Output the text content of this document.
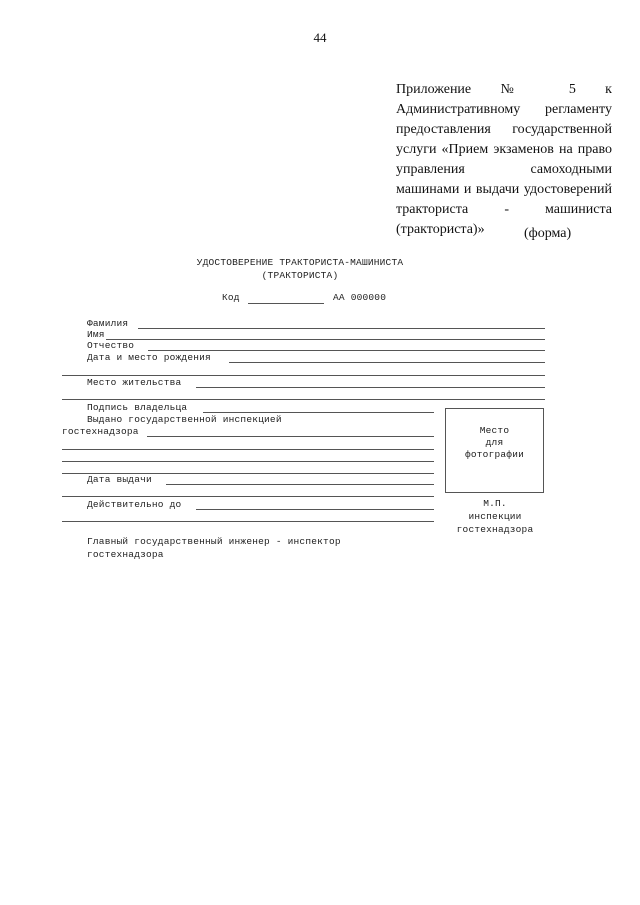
44
Приложение № 5 к Административному регламенту предоставления государственной услуги «Прием экзаменов на право управления самоходными машинами и выдачи удостоверений тракториста - машиниста (тракториста)»	(форма)
УДОСТОВЕРЕНИЕ ТРАКТОРИСТА-МАШИНИСТА
(ТРАКТОРИСТА)
Код	АА 000000
Фамилия
Имя
Отчество
Дата и место рождения
Место жительства
Подпись владельца
Выдано государственной инспекцией
гостехнадзора
Дата выдачи
Действительно до
Место
для
фотографии
М.П.
инспекции
гостехнадзора
Главный государственный инженер - инспектор
гостехнадзора
